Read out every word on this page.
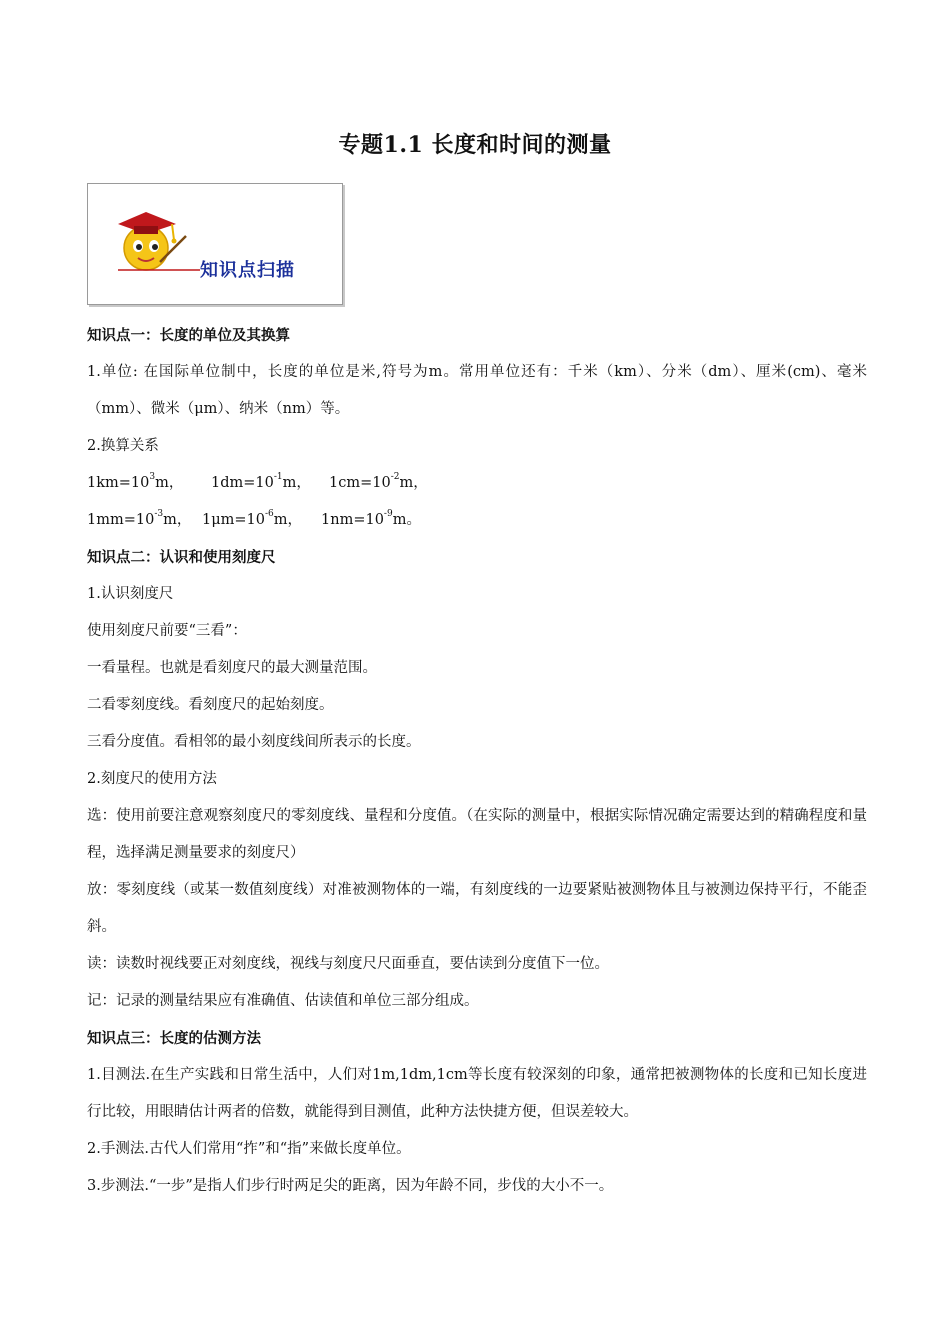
专题1.1 长度和时间的测量
知识点扫描
知识点一：长度的单位及其换算
1.单位: 在国际单位制中，长度的单位是米,符号为m。常用单位还有：千米（km）、分米（dm）、厘米(cm)、毫米（mm）、微米（μm）、纳米（nm）等。
2.换算关系
$1km=10^3m$， $1dm=10^{-1}m$， $1cm=10^{-2}m$，
$1mm=10^{-3}m$， $1\mu m=10^{-6}m$， $1nm=10^{-9}m$。
知识点二：认识和使用刻度尺
1.认识刻度尺
使用刻度尺前要“三看”：
一看量程。也就是看刻度尺的最大测量范围。
二看零刻度线。看刻度尺的起始刻度。
三看分度值。看相邻的最小刻度线间所表示的长度。
2.刻度尺的使用方法
选：使用前要注意观察刻度尺的零刻度线、量程和分度值。（在实际的测量中，根据实际情况确定需要达到的精确程度和量程，选择满足测量要求的刻度尺）
放：零刻度线（或某一数值刻度线）对准被测物体的一端，有刻度线的一边要紧贴被测物体且与被测边保持平行，不能歪斜。
读：读数时视线要正对刻度线，视线与刻度尺尺面垂直，要估读到分度值下一位。
记：记录的测量结果应有准确值、估读值和单位三部分组成。
知识点三：长度的估测方法
1.目测法.在生产实践和日常生活中，人们对1m,1dm,1cm等长度有较深刻的印象，通常把被测物体的长度和已知长度进行比较，用眼睛估计两者的倍数，就能得到目测值，此种方法快捷方便，但误差较大。
2.手测法.古代人们常用“拃”和“指”来做长度单位。
3.步测法.“一步”是指人们步行时两足尖的距离，因为年龄不同，步伐的大小不一。
